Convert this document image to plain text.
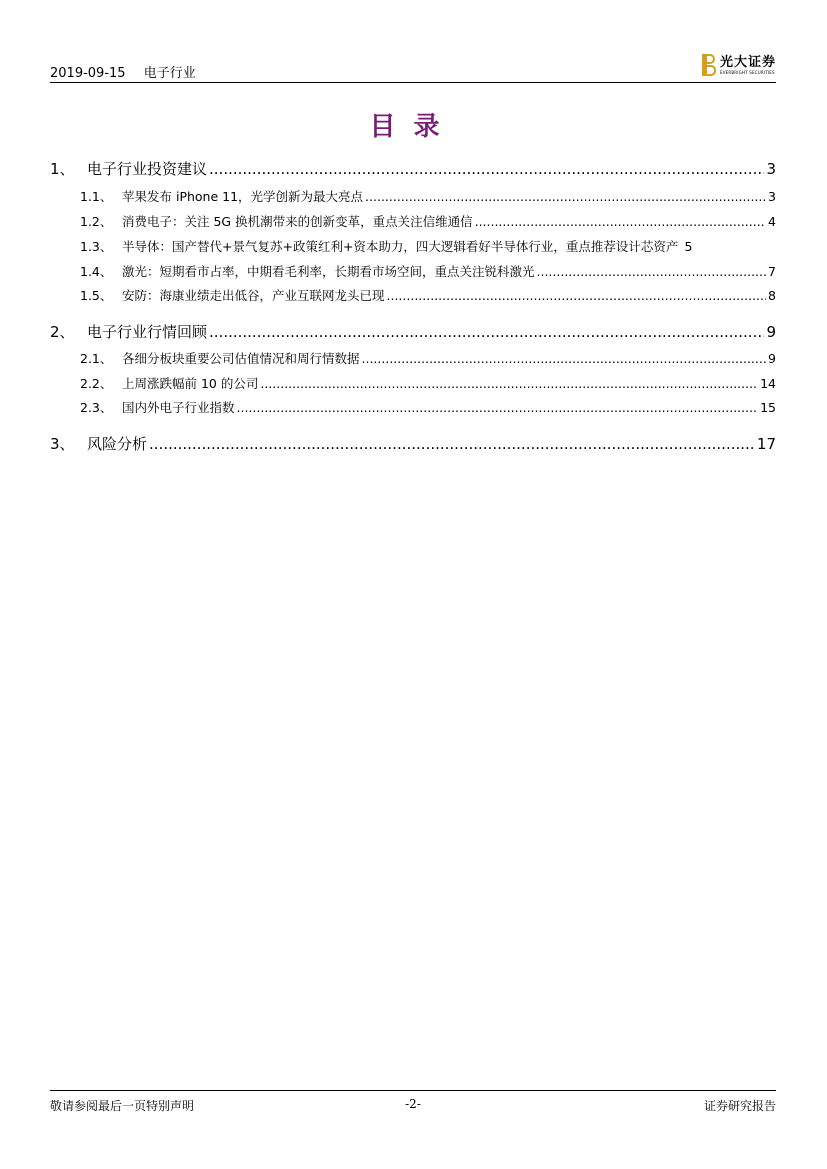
2019-09-15 电子行业
光大证券
EVERBRIGHT SECURITIES
目录
1、 电子行业投资建议 .....	3
1.1、 苹果发布 iPhone 11，光学创新为最大亮点 .....	3
1.2、 消费电子：关注 5G 换机潮带来的创新变革，重点关注信维通信 .....	4
1.3、 半导体：国产替代+景气复苏+政策红利+资本助力，四大逻辑看好半导体行业，重点推荐设计芯资产 5
1.4、 激光：短期看市占率，中期看毛利率，长期看市场空间，重点关注锐科激光 .....	7
1.5、 安防：海康业绩走出低谷，产业互联网龙头已现 .....	8
2、 电子行业行情回顾 .....	9
2.1、 各细分板块重要公司估值情况和周行情数据 .....	9
2.2、 上周涨跌幅前 10 的公司 .....	14
2.3、 国内外电子行业指数 .....	15
3、 风险分析 .....	17
敬请参阅最后一页特别声明	-2-	证券研究报告
